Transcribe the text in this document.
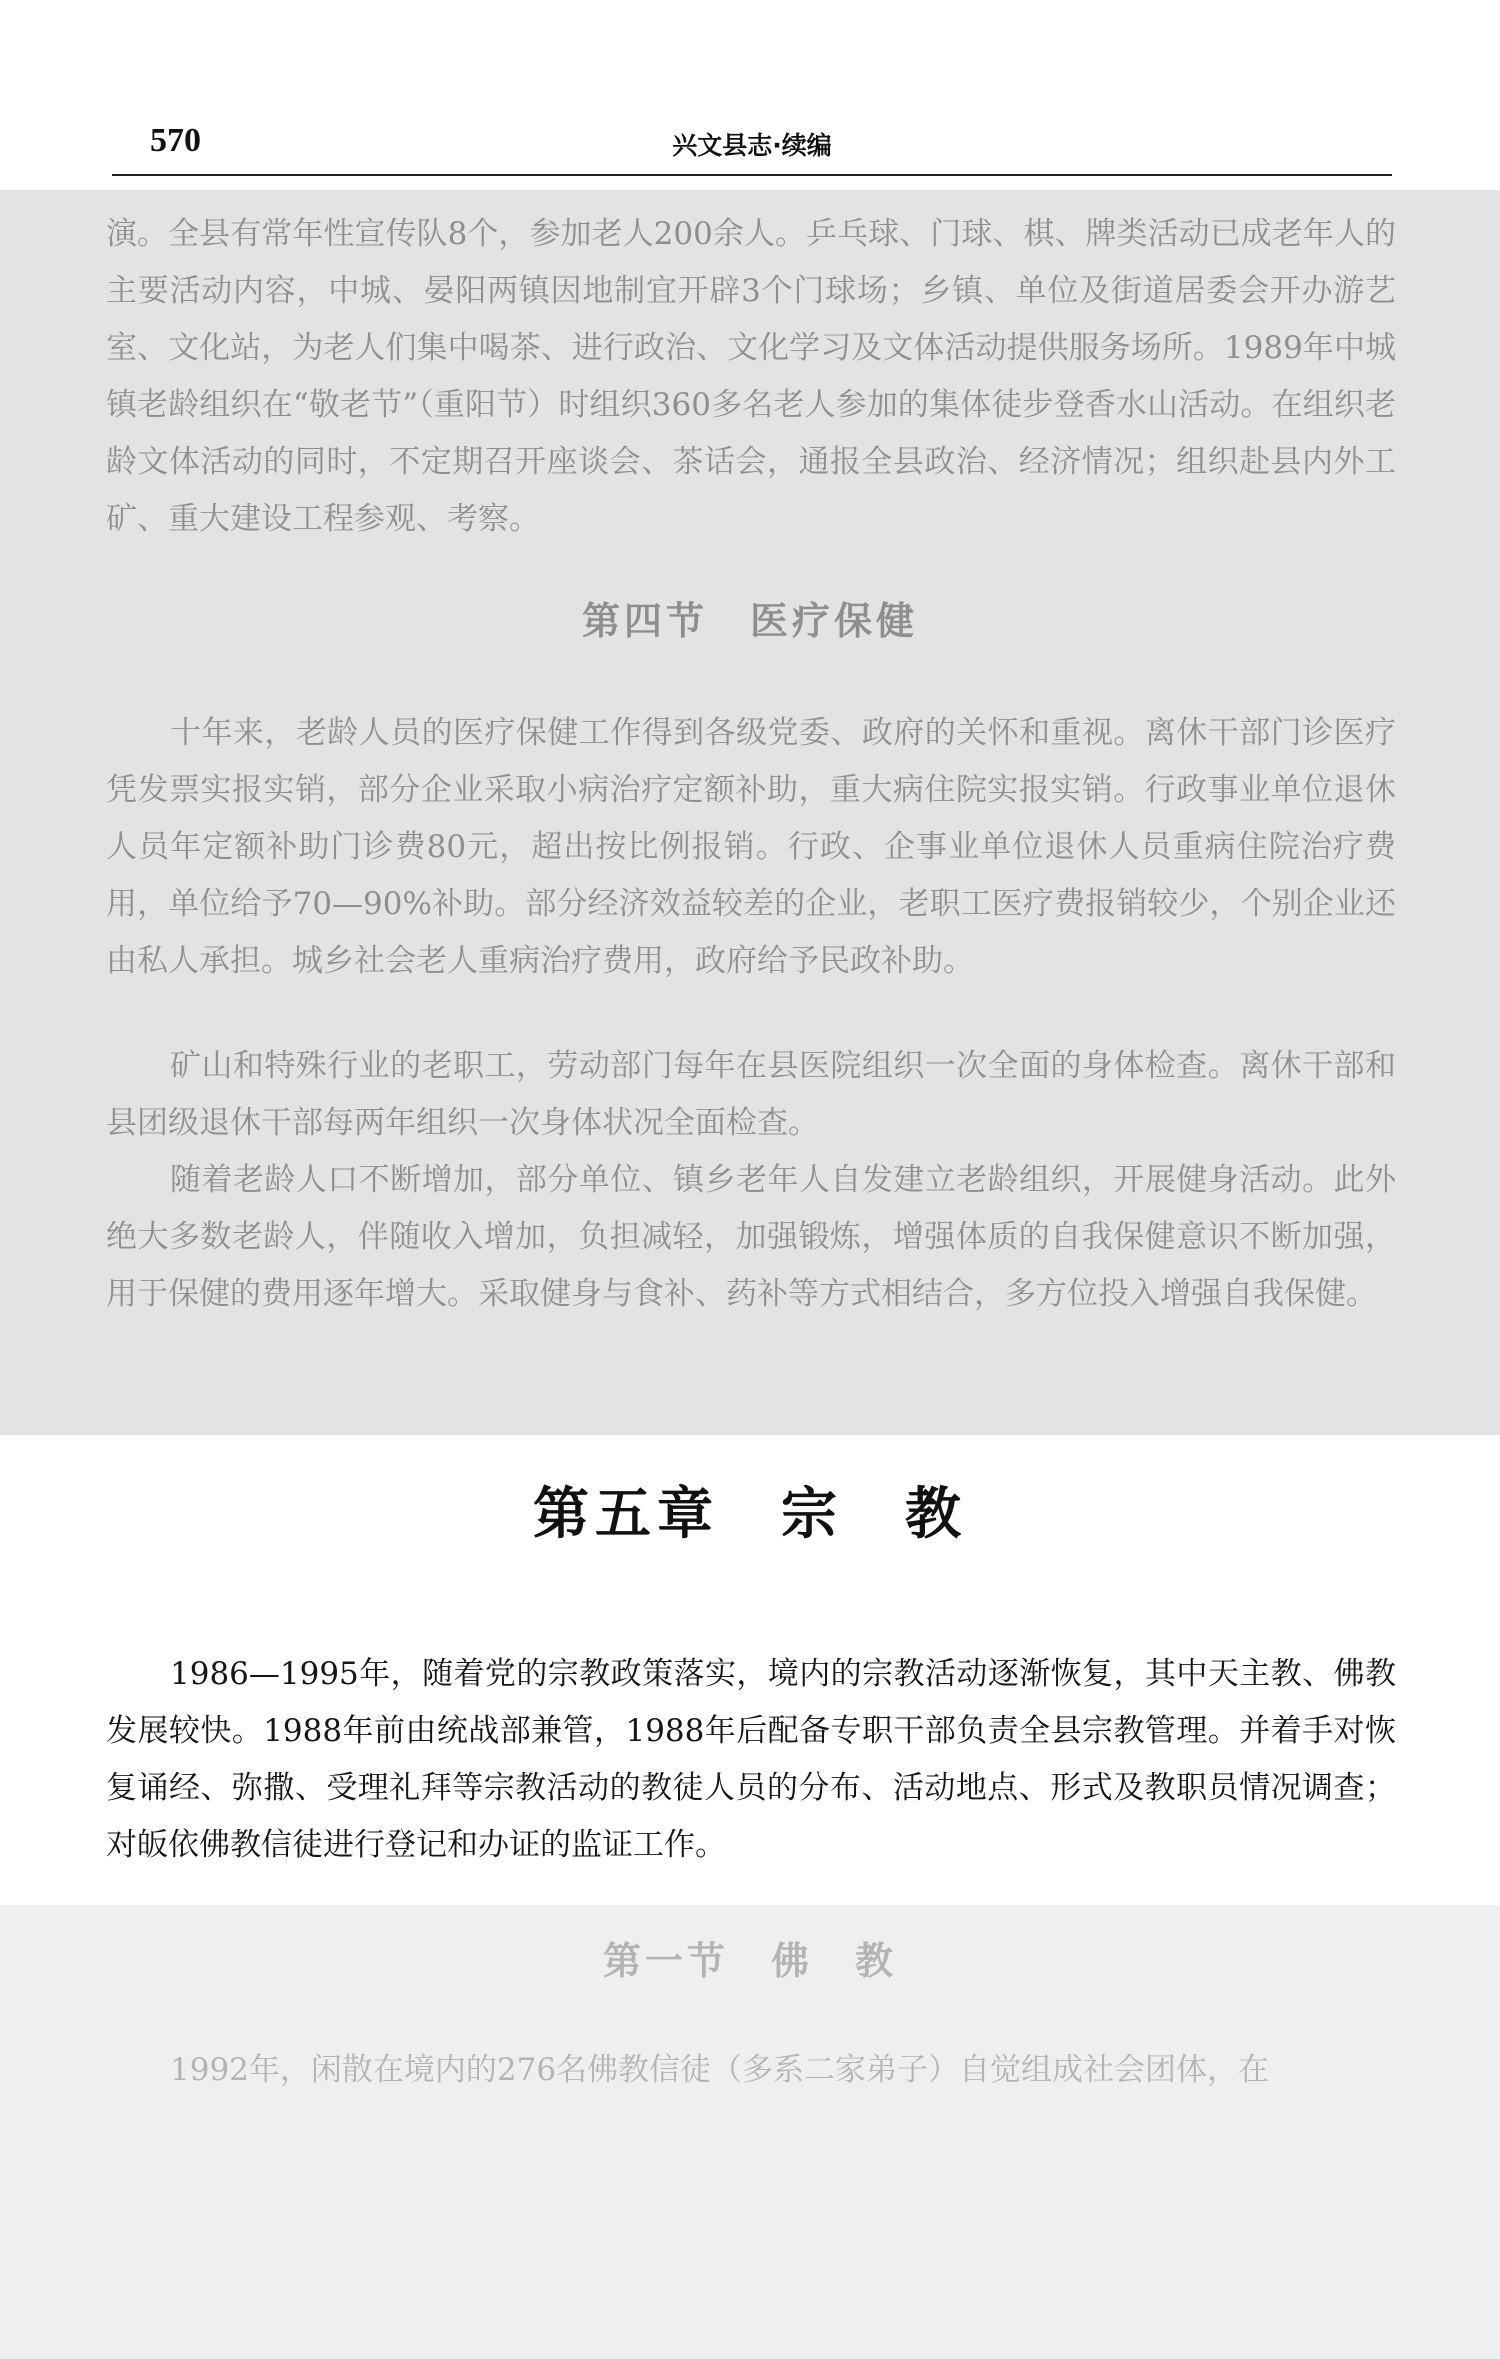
570	兴文县志·续编

演。全县有常年性宣传队8个，参加老人200余人。乒乓球、门球、棋、牌类活动已成老年人的主要活动内容，中城、晏阳两镇因地制宜开辟3个门球场；乡镇、单位及街道居委会开办游艺室、文化站，为老人们集中喝茶、进行政治、文化学习及文体活动提供服务场所。1989年中城镇老龄组织在“敬老节”（重阳节）时组织360多名老人参加的集体徒步登香水山活动。在组织老龄文体活动的同时，不定期召开座谈会、茶话会，通报全县政治、经济情况；组织赴县内外工矿、重大建设工程参观、考察。

第四节　医疗保健

十年来，老龄人员的医疗保健工作得到各级党委、政府的关怀和重视。离休干部门诊医疗凭发票实报实销，部分企业采取小病治疗定额补助，重大病住院实报实销。行政事业单位退休人员年定额补助门诊费80元，超出按比例报销。行政、企事业单位退休人员重病住院治疗费用，单位给予70—90%补助。部分经济效益较差的企业，老职工医疗费报销较少，个别企业还由私人承担。城乡社会老人重病治疗费用，政府给予民政补助。

矿山和特殊行业的老职工，劳动部门每年在县医院组织一次全面的身体检查。离休干部和县团级退休干部每两年组织一次身体状况全面检查。

随着老龄人口不断增加，部分单位、镇乡老年人自发建立老龄组织，开展健身活动。此外绝大多数老龄人，伴随收入增加，负担减轻，加强锻炼，增强体质的自我保健意识不断加强，用于保健的费用逐年增大。采取健身与食补、药补等方式相结合，多方位投入增强自我保健。

第五章　宗　教

1986—1995年，随着党的宗教政策落实，境内的宗教活动逐渐恢复，其中天主教、佛教发展较快。1988年前由统战部兼管，1988年后配备专职干部负责全县宗教管理。并着手对恢复诵经、弥撒、受理礼拜等宗教活动的教徒人员的分布、活动地点、形式及教职员情况调查；对皈依佛教信徒进行登记和办证的监证工作。

第一节　佛　教

1992年，闲散在境内的276名佛教信徒（多系二家弟子）自觉组成社会团体，在
